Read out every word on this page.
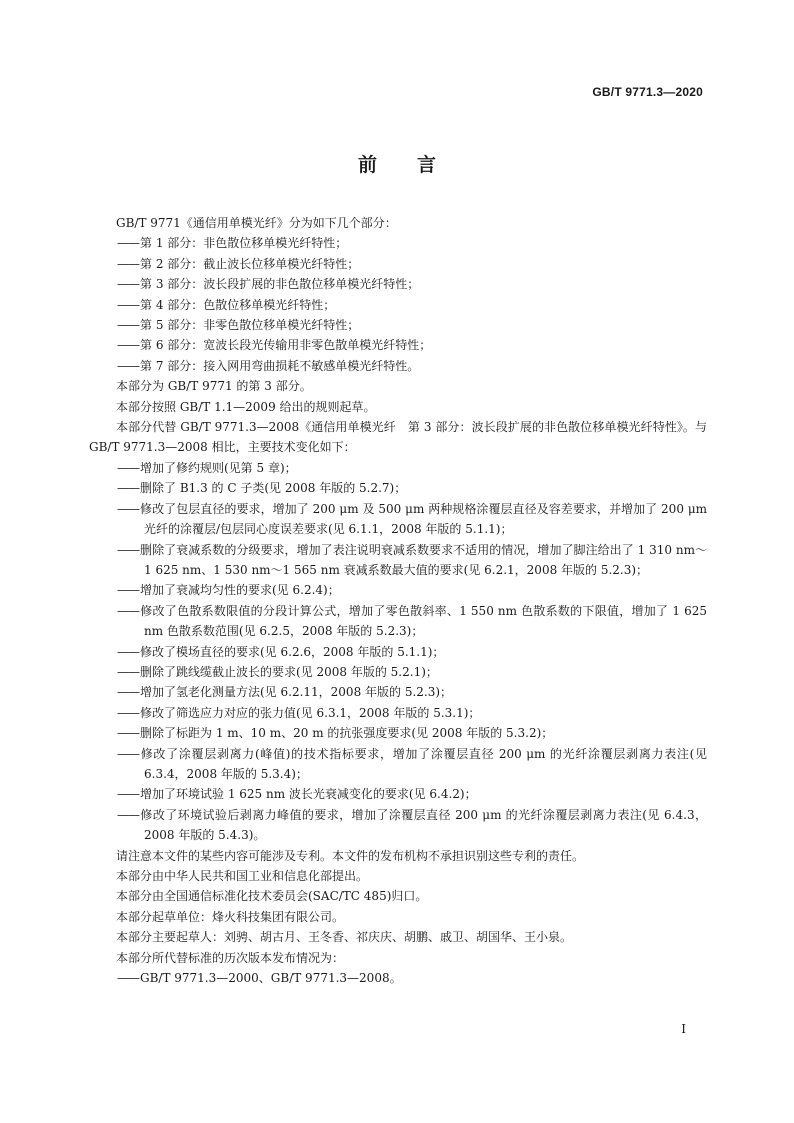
GB/T 9771.3—2020
前言

GB/T 9771《通信用单模光纤》分为如下几个部分：

—— 第 1 部分：非色散位移单模光纤特性；

—— 第 2 部分：截止波长位移单模光纤特性；

—— 第 3 部分：波长段扩展的非色散位移单模光纤特性；

—— 第 4 部分：色散位移单模光纤特性；

—— 第 5 部分：非零色散位移单模光纤特性；

—— 第 6 部分：宽波长段光传输用非零色散单模光纤特性；

—— 第 7 部分：接入网用弯曲损耗不敏感单模光纤特性。

本部分为 GB/T 9771 的第 3 部分。

本部分按照 GB/T 1.1—2009 给出的规则起草。

本部分代替 GB/T 9771.3—2008《通信用单模光纤　第 3 部分：波长段扩展的非色散位移单模光纤特性》。与 GB/T 9771.3—2008 相比，主要技术变化如下：

—— 增加了修约规则(见第 5 章)；

—— 删除了 B1.3 的 C 子类(见 2008 年版的 5.2.7)；

—— 修改了包层直径的要求，增加了 200 μm 及 500 μm 两种规格涂覆层直径及容差要求，并增加了 200 μm 光纤的涂覆层/包层同心度误差要求(见 6.1.1，2008 年版的 5.1.1)；

—— 删除了衰减系数的分级要求，增加了表注说明衰减系数要求不适用的情况，增加了脚注给出了 1 310 nm～1 625 nm、1 530 nm～1 565 nm 衰减系数最大值的要求(见 6.2.1，2008 年版的 5.2.3)；

—— 增加了衰减均匀性的要求(见 6.2.4)；

—— 修改了色散系数限值的分段计算公式，增加了零色散斜率、1 550 nm 色散系数的下限值，增加了 1 625 nm 色散系数范围(见 6.2.5，2008 年版的 5.2.3)；

—— 修改了模场直径的要求(见 6.2.6，2008 年版的 5.1.1)；

—— 删除了跳线缆截止波长的要求(见 2008 年版的 5.2.1)；

—— 增加了氢老化测量方法(见 6.2.11，2008 年版的 5.2.3)；

—— 修改了筛选应力对应的张力值(见 6.3.1，2008 年版的 5.3.1)；

—— 删除了标距为 1 m、10 m、20 m 的抗张强度要求(见 2008 年版的 5.3.2)；

—— 修改了涂覆层剥离力(峰值)的技术指标要求，增加了涂覆层直径 200 μm 的光纤涂覆层剥离力表注(见 6.3.4，2008 年版的 5.3.4)；

—— 增加了环境试验 1 625 nm 波长光衰减变化的要求(见 6.4.2)；

—— 修改了环境试验后剥离力峰值的要求，增加了涂覆层直径 200 μm 的光纤涂覆层剥离力表注(见 6.4.3，2008 年版的 5.4.3)。

请注意本文件的某些内容可能涉及专利。本文件的发布机构不承担识别这些专利的责任。

本部分由中华人民共和国工业和信息化部提出。

本部分由全国通信标准化技术委员会(SAC/TC 485)归口。

本部分起草单位：烽火科技集团有限公司。

本部分主要起草人：刘骋、胡古月、王冬香、祁庆庆、胡鹏、戚卫、胡国华、王小泉。

本部分所代替标准的历次版本发布情况为：

—— GB/T 9771.3—2000、GB/T 9771.3—2008。

I
